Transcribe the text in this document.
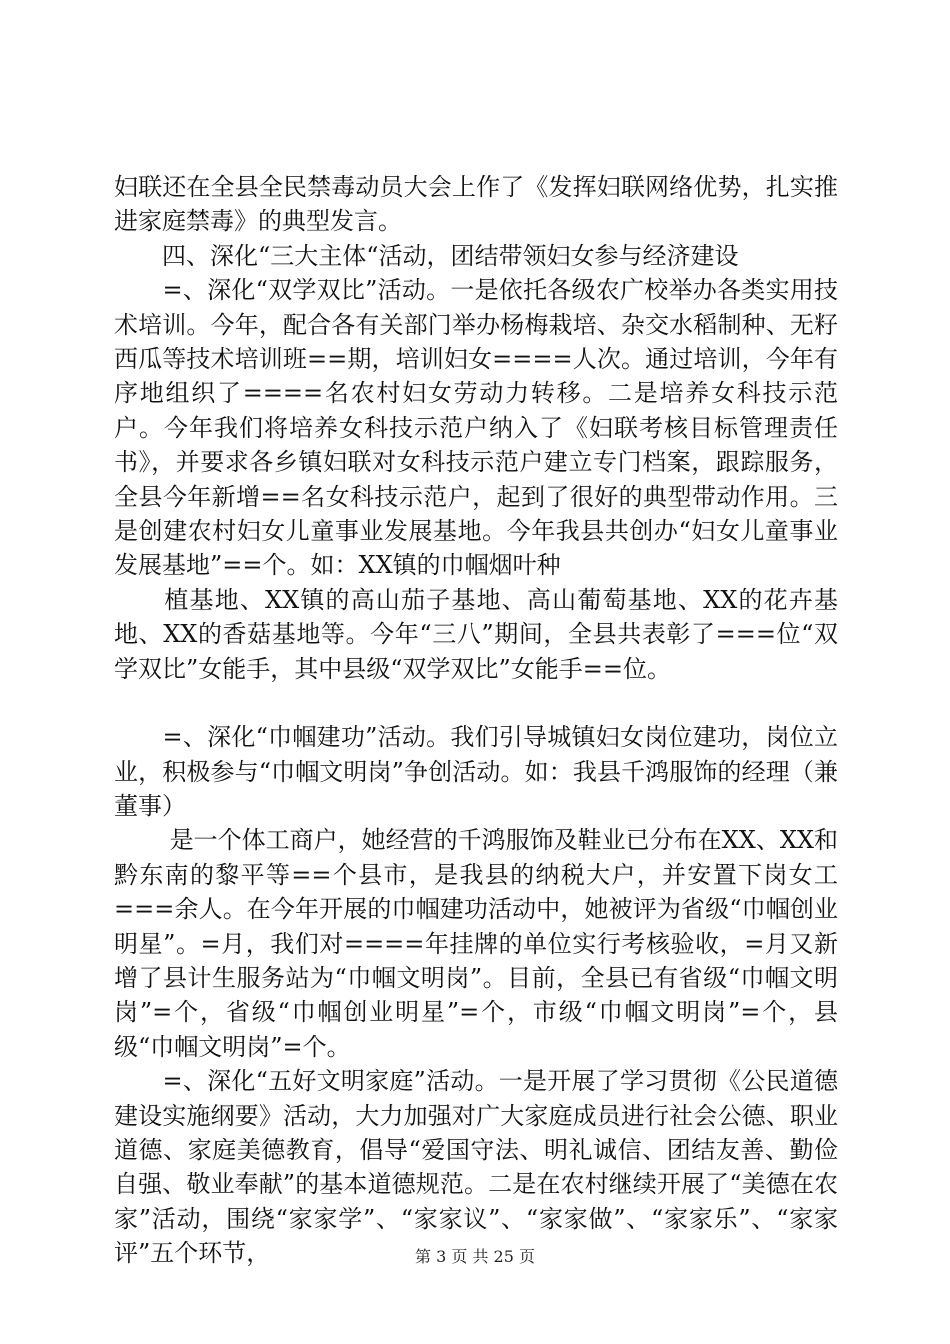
妇联还在全县全民禁毒动员大会上作了《发挥妇联网络优势，扎实推进家庭禁毒》的典型发言。

　　四、深化“三大主体“活动，团结带领妇女参与经济建设

　　=、深化“双学双比”活动。一是依托各级农广校举办各类实用技术培训。今年，配合各有关部门举办杨梅栽培、杂交水稻制种、无籽西瓜等技术培训班==期，培训妇女====人次。通过培训，今年有序地组织了====名农村妇女劳动力转移。二是培养女科技示范户。今年我们将培养女科技示范户纳入了《妇联考核目标管理责任书》，并要求各乡镇妇联对女科技示范户建立专门档案，跟踪服务，全县今年新增==名女科技示范户，起到了很好的典型带动作用。三是创建农村妇女儿童事业发展基地。今年我县共创办“妇女儿童事业发展基地”==个。如：XX镇的巾帼烟叶种

　　植基地、XX镇的高山茄子基地、高山葡萄基地、XX的花卉基地、XX的香菇基地等。今年“三八”期间，全县共表彰了===位“双学双比”女能手，其中县级“双学双比”女能手==位。

　　=、深化“巾帼建功”活动。我们引导城镇妇女岗位建功，岗位立业，积极参与“巾帼文明岗”争创活动。如：我县千鸿服饰的经理（兼董事）

　　 是一个体工商户，她经营的千鸿服饰及鞋业已分布在XX、XX和黔东南的黎平等==个县市，是我县的纳税大户，并安置下岗女工===余人。在今年开展的巾帼建功活动中，她被评为省级“巾帼创业明星”。=月，我们对====年挂牌的单位实行考核验收，=月又新增了县计生服务站为“巾帼文明岗”。目前，全县已有省级“巾帼文明岗”=个，省级“巾帼创业明星”=个，市级“巾帼文明岗”=个，县级“巾帼文明岗”=个。

　　=、深化“五好文明家庭”活动。一是开展了学习贯彻《公民道德建设实施纲要》活动，大力加强对广大家庭成员进行社会公德、职业道德、家庭美德教育，倡导“爱国守法、明礼诚信、团结友善、勤俭自强、敬业奉献”的基本道德规范。二是在农村继续开展了“美德在农家”活动，围绕“家家学”、“家家议”、“家家做”、“家家乐”、“家家评”五个环节，	第 3 页 共 25 页
